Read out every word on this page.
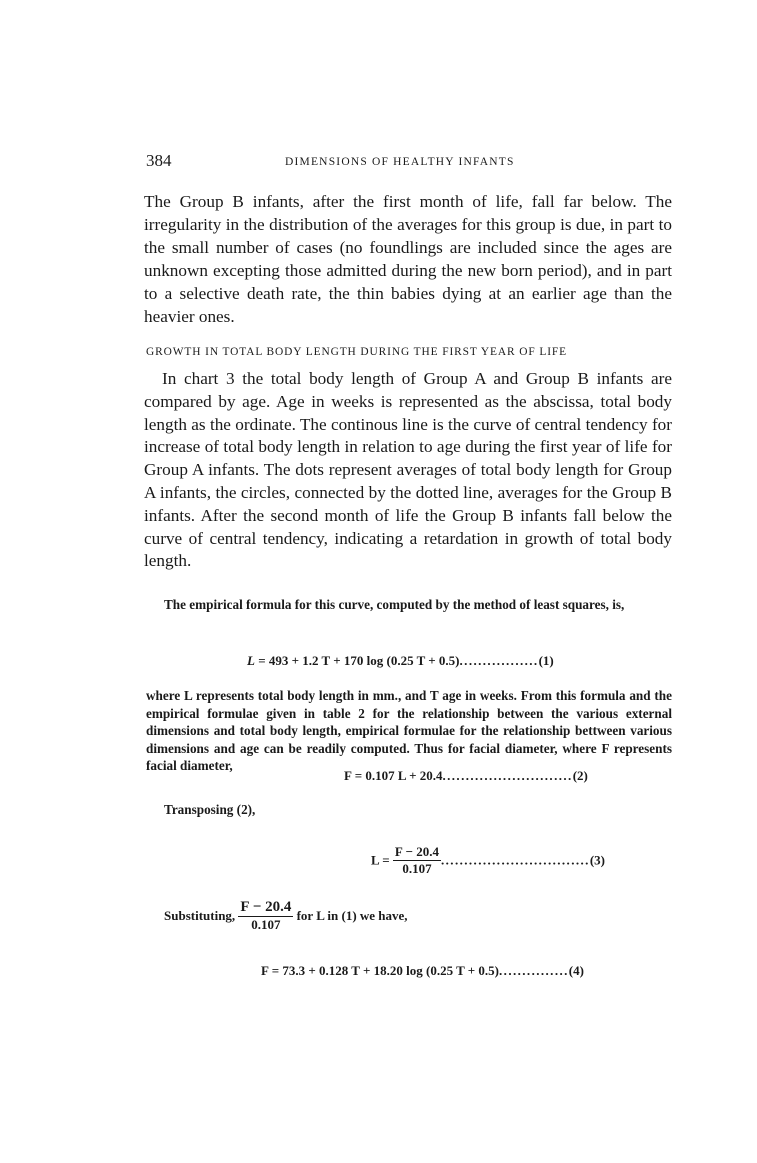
384	DIMENSIONS OF HEALTHY INFANTS

The Group B infants, after the first month of life, fall far below. The irregularity in the distribution of the averages for this group is due, in part to the small number of cases (no foundlings are included since the ages are unknown excepting those admitted during the new born period), and in part to a selective death rate, the thin babies dying at an earlier age than the heavier ones.

GROWTH IN TOTAL BODY LENGTH DURING THE FIRST YEAR OF LIFE

In chart 3 the total body length of Group A and Group B infants are compared by age. Age in weeks is represented as the abscissa, total body length as the ordinate. The continous line is the curve of central tendency for increase of total body length in relation to age during the first year of life for Group A infants. The dots represent averages of total body length for Group A infants, the circles, connected by the dotted line, averages for the Group B infants. After the second month of life the Group B infants fall below the curve of central tendency, indicating a retardation in growth of total body length.

The empirical formula for this curve, computed by the method of least squares, is,

L = 493 + 1.2 T + 170 log (0.25 T + 0.5).................(1)

where L represents total body length in mm., and T age in weeks. From this formula and the empirical formulae given in table 2 for the relationship between the various external dimensions and total body length, empirical formulae for the relationship bettween various dimensions and age can be readily computed. Thus for facial diameter, where F represents facial diameter,

F = 0.107 L + 20.4............................(2)
Transposing (2),
$L = \frac{F - 20.4}{0.107} ................................(3)$
Substituting, $\frac{F - 20.4}{0.107}$ for L in (1) we have,
F = 73.3 + 0.128 T + 18.20 log (0.25 T + 0.5)...............(4)
